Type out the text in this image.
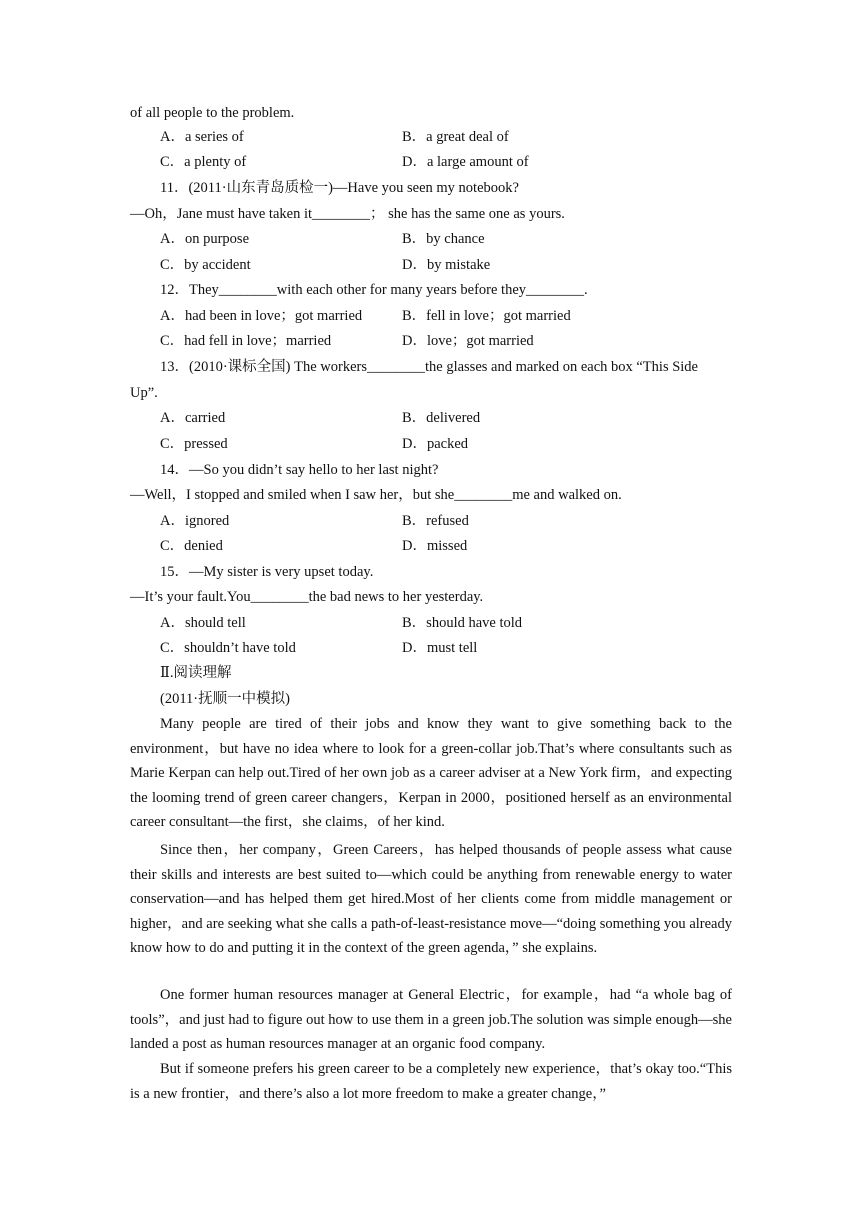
of all people to the problem.
A．a series of	B．a great deal of
C．a plenty of	D．a large amount of
11．(2011·山东青岛质检一)—Have you seen my notebook?
—Oh，Jane must have taken it________； she has the same one as yours.
A．on purpose	B．by chance
C．by accident	D．by mistake
12．They________with each other for many years before they________.
A．had been in love；got married	B．fell in love；got married
C．had fell in love；married	D．love；got married
13．(2010·课标全国) The workers________the glasses and marked on each box “This Side
Up”.
A．carried	B．delivered
C．pressed	D．packed
14．—So you didn’t say hello to her last night?
—Well，I stopped and smiled when I saw her，but she________me and walked on.
A．ignored	B．refused
C．denied	D．missed
15．—My sister is very upset today.
—It’s your fault.You________the bad news to her yesterday.
A．should tell	B．should have told
C．shouldn’t have told	D．must tell
Ⅱ.阅读理解
(2011·抚顺一中模拟)
Many people are tired of their jobs and know they want to give something back to the environment，but have no idea where to look for a green-collar job.That’s where consultants such as Marie Kerpan can help out.Tired of her own job as a career adviser at a New York firm，and expecting the looming trend of green career changers，Kerpan in 2000，positioned herself as an environmental career consultant—the first，she claims，of her kind.
Since then，her company，Green Careers，has helped thousands of people assess what cause their skills and interests are best suited to—which could be anything from renewable energy to water conservation—and has helped them get hired.Most of her clients come from middle management or higher，and are seeking what she calls a path-of-least-resistance move—“doing something you already know how to do and putting it in the context of the green agenda，” she explains.
One former human resources manager at General Electric，for example，had “a whole bag of tools”，and just had to figure out how to use them in a green job.The solution was simple enough—she landed a post as human resources manager at an organic food company.
But if someone prefers his green career to be a completely new experience，that’s okay too.“This is a new frontier，and there’s also a lot more freedom to make a greater change，”
